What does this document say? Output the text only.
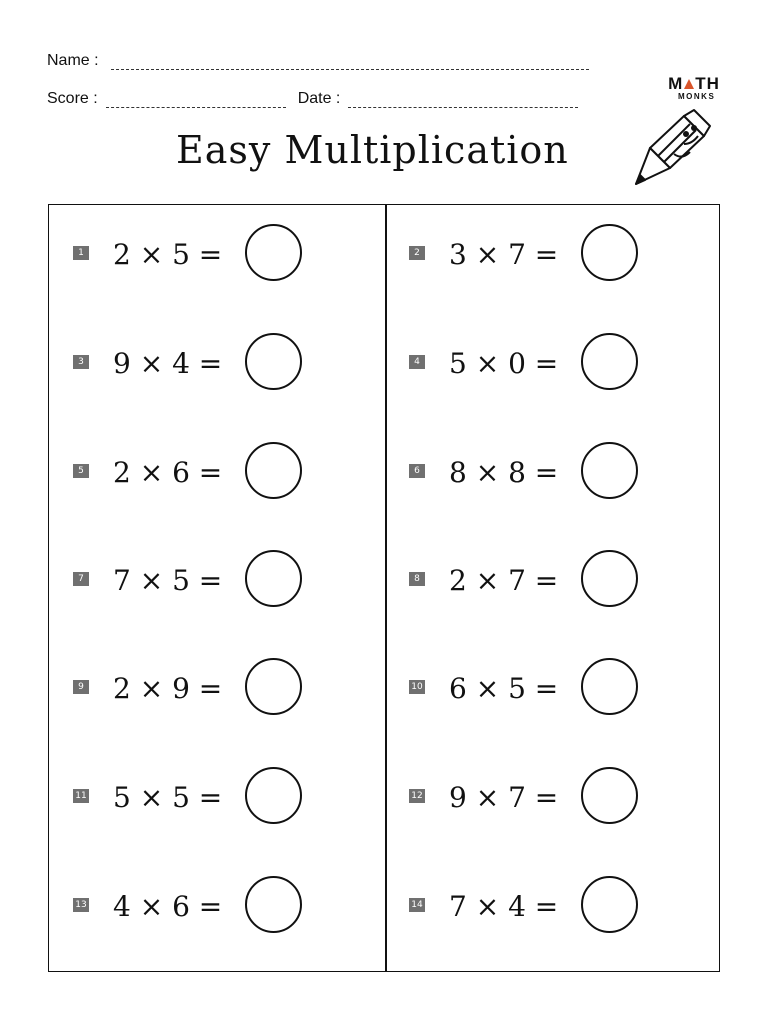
Name :
Score :	Date :
Easy Multiplication
M TH
MONKS
1 2 × 5 =
3 9 × 4 =
5 2 × 6 =
7 7 × 5 =
9 2 × 9 =
11 5 × 5 =
13 4 × 6 =
2 3 × 7 =
4 5 × 0 =
6 8 × 8 =
8 2 × 7 =
10 6 × 5 =
12 9 × 7 =
14 7 × 4 =
